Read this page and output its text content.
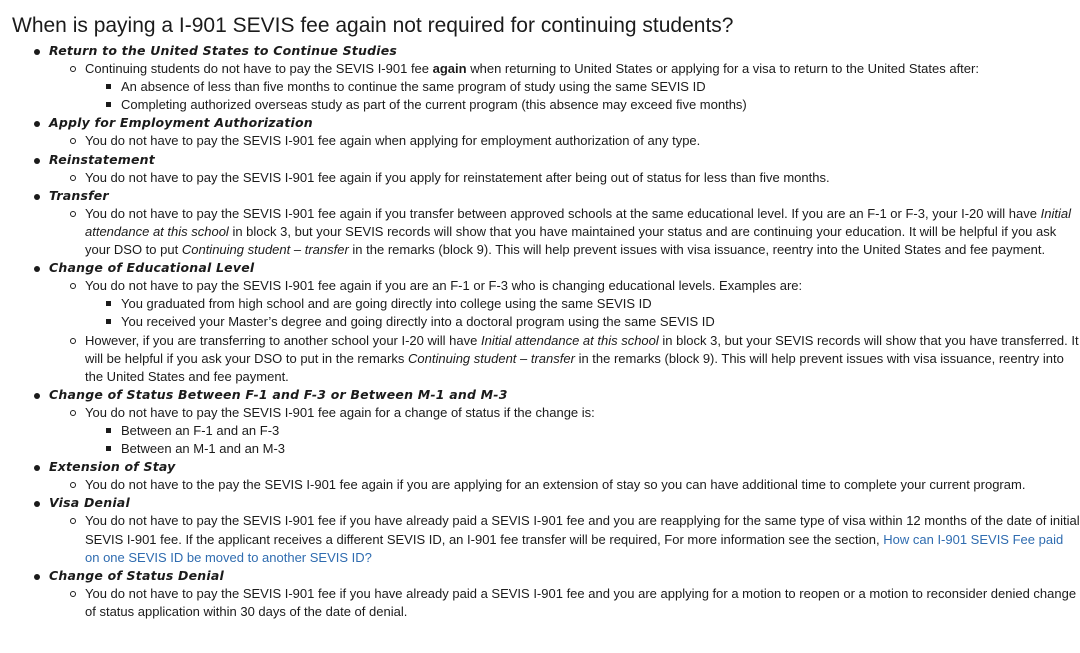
When is paying a I-901 SEVIS fee again not required for continuing students?
Return to the United States to Continue Studies
Continuing students do not have to pay the SEVIS I-901 fee again when returning to United States or applying for a visa to return to the United States after:
An absence of less than five months to continue the same program of study using the same SEVIS ID
Completing authorized overseas study as part of the current program (this absence may exceed five months)
Apply for Employment Authorization
You do not have to pay the SEVIS I-901 fee again when applying for employment authorization of any type.
Reinstatement
You do not have to pay the SEVIS I-901 fee again if you apply for reinstatement after being out of status for less than five months.
Transfer
You do not have to pay the SEVIS I-901 fee again if you transfer between approved schools at the same educational level. If you are an F-1 or F-3, your I-20 will have Initial attendance at this school in block 3, but your SEVIS records will show that you have maintained your status and are continuing your education. It will be helpful if you ask your DSO to put Continuing student – transfer in the remarks (block 9). This will help prevent issues with visa issuance, reentry into the United States and fee payment.
Change of Educational Level
You do not have to pay the SEVIS I-901 fee again if you are an F-1 or F-3 who is changing educational levels. Examples are:
You graduated from high school and are going directly into college using the same SEVIS ID
You received your Master’s degree and going directly into a doctoral program using the same SEVIS ID
However, if you are transferring to another school your I-20 will have Initial attendance at this school in block 3, but your SEVIS records will show that you have transferred. It will be helpful if you ask your DSO to put in the remarks Continuing student – transfer in the remarks (block 9). This will help prevent issues with visa issuance, reentry into the United States and fee payment.
Change of Status Between F-1 and F-3 or Between M-1 and M-3
You do not have to pay the SEVIS I-901 fee again for a change of status if the change is:
Between an F-1 and an F-3
Between an M-1 and an M-3
Extension of Stay
You do not have to the pay the SEVIS I-901 fee again if you are applying for an extension of stay so you can have additional time to complete your current program.
Visa Denial
You do not have to pay the SEVIS I-901 fee if you have already paid a SEVIS I-901 fee and you are reapplying for the same type of visa within 12 months of the date of initial SEVIS I-901 fee. If the applicant receives a different SEVIS ID, an I-901 fee transfer will be required, For more information see the section, How can I-901 SEVIS Fee paid on one SEVIS ID be moved to another SEVIS ID?
Change of Status Denial
You do not have to pay the SEVIS I-901 fee if you have already paid a SEVIS I-901 fee and you are applying for a motion to reopen or a motion to reconsider denied change of status application within 30 days of the date of denial.
